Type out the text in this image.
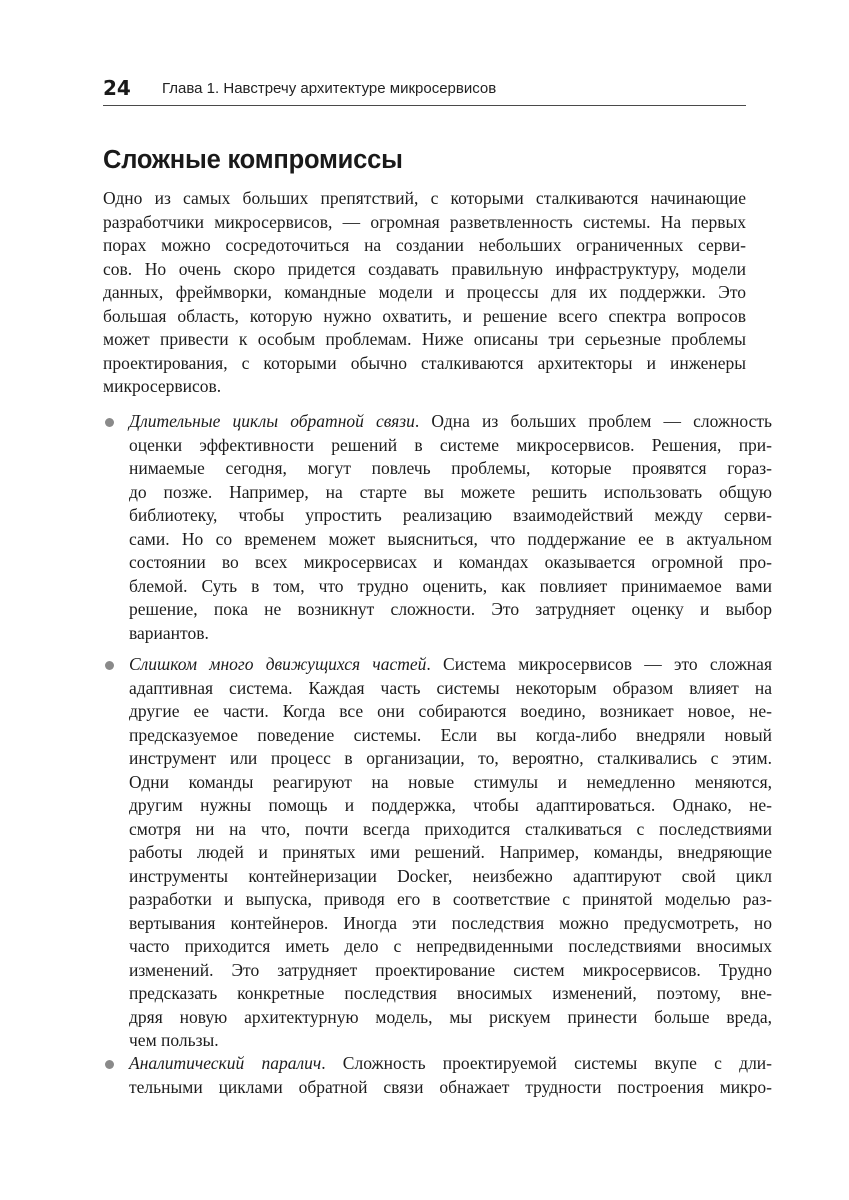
24 Глава 1. Навстречу архитектуре микросервисов
Сложные компромиссы
Одно из самых больших препятствий, с которыми сталкиваются начинающие
разработчики микросервисов, — огромная разветвленность системы. На первых
порах можно сосредоточиться на создании небольших ограниченных серви-
сов. Но очень скоро придется создавать правильную инфраструктуру, модели
данных, фреймворки, командные модели и процессы для их поддержки. Это
большая область, которую нужно охватить, и решение всего спектра вопросов
может привести к особым проблемам. Ниже описаны три серьезные проблемы
проектирования, с которыми обычно сталкиваются архитекторы и инженеры
микросервисов.
Длительные циклы обратной связи. Одна из больших проблем — сложность
оценки эффективности решений в системе микросервисов. Решения, при-
нимаемые сегодня, могут повлечь проблемы, которые проявятся гораз-
до позже. Например, на старте вы можете решить использовать общую
библиотеку, чтобы упростить реализацию взаимодействий между серви-
сами. Но со временем может выясниться, что поддержание ее в актуальном
состоянии во всех микросервисах и командах оказывается огромной про-
блемой. Суть в том, что трудно оценить, как повлияет принимаемое вами
решение, пока не возникнут сложности. Это затрудняет оценку и выбор
вариантов.
Слишком много движущихся частей. Система микросервисов — это сложная
адаптивная система. Каждая часть системы некоторым образом влияет на
другие ее части. Когда все они собираются воедино, возникает новое, не-
предсказуемое поведение системы. Если вы когда-либо внедряли новый
инструмент или процесс в организации, то, вероятно, сталкивались с этим.
Одни команды реагируют на новые стимулы и немедленно меняются,
другим нужны помощь и поддержка, чтобы адаптироваться. Однако, не-
смотря ни на что, почти всегда приходится сталкиваться с последствиями
работы людей и принятых ими решений. Например, команды, внедряющие
инструменты контейнеризации Docker, неизбежно адаптируют свой цикл
разработки и выпуска, приводя его в соответствие с принятой моделью раз-
вертывания контейнеров. Иногда эти последствия можно предусмотреть, но
часто приходится иметь дело с непредвиденными последствиями вносимых
изменений. Это затрудняет проектирование систем микросервисов. Трудно
предсказать конкретные последствия вносимых изменений, поэтому, вне-
дряя новую архитектурную модель, мы рискуем принести больше вреда,
чем пользы.
Аналитический паралич. Сложность проектируемой системы вкупе с дли-
тельными циклами обратной связи обнажает трудности построения микро-
